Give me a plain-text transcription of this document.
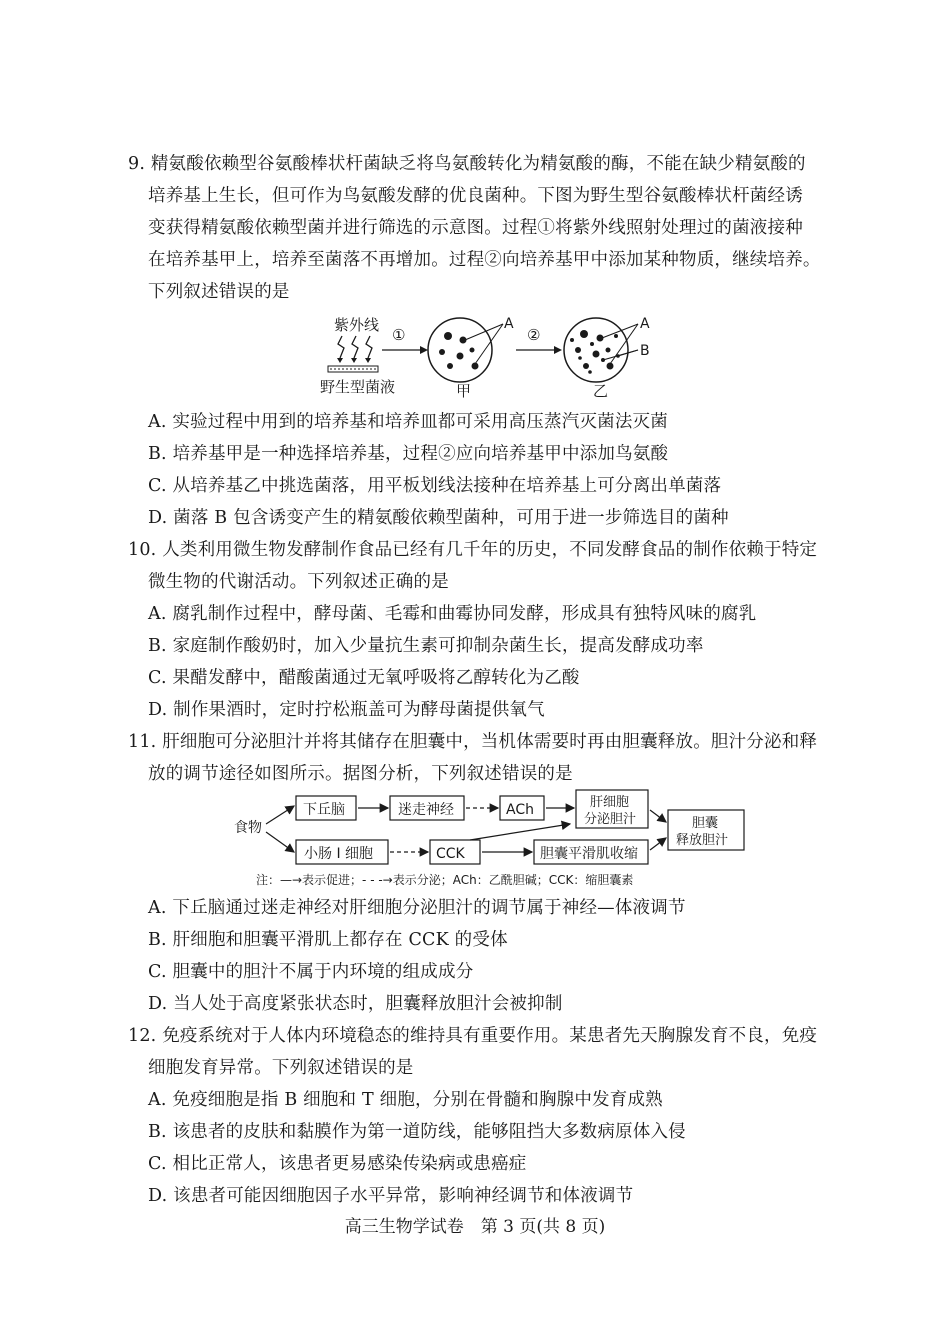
9. 精氨酸依赖型谷氨酸棒状杆菌缺乏将鸟氨酸转化为精氨酸的酶，不能在缺少精氨酸的
培养基上生长，但可作为鸟氨酸发酵的优良菌种。下图为野生型谷氨酸棒状杆菌经诱
变获得精氨酸依赖型菌并进行筛选的示意图。过程①将紫外线照射处理过的菌液接种
在培养基甲上，培养至菌落不再增加。过程②向培养基甲中添加某种物质，继续培养。
下列叙述错误的是
紫外线
野生型菌液
①
A
甲
②
A
B
乙
A. 实验过程中用到的培养基和培养皿都可采用高压蒸汽灭菌法灭菌
B. 培养基甲是一种选择培养基，过程②应向培养基甲中添加鸟氨酸
C. 从培养基乙中挑选菌落，用平板划线法接种在培养基上可分离出单菌落
D. 菌落 B 包含诱变产生的精氨酸依赖型菌种，可用于进一步筛选目的菌种
10. 人类利用微生物发酵制作食品已经有几千年的历史，不同发酵食品的制作依赖于特定
微生物的代谢活动。下列叙述正确的是
A. 腐乳制作过程中，酵母菌、毛霉和曲霉协同发酵，形成具有独特风味的腐乳
B. 家庭制作酸奶时，加入少量抗生素可抑制杂菌生长，提高发酵成功率
C. 果醋发酵中，醋酸菌通过无氧呼吸将乙醇转化为乙酸
D. 制作果酒时，定时拧松瓶盖可为酵母菌提供氧气
11. 肝细胞可分泌胆汁并将其储存在胆囊中，当机体需要时再由胆囊释放。胆汁分泌和释
放的调节途径如图所示。据图分析，下列叙述错误的是
食物
下丘脑	迷走神经	ACh	肝细胞
分泌胆汁
小肠 I 细胞	CCK	胆囊平滑肌收缩
胆囊
释放胆汁
注：—→表示促进；- - -→表示分泌；ACh：乙酰胆碱；CCK：缩胆囊素
A. 下丘脑通过迷走神经对肝细胞分泌胆汁的调节属于神经—体液调节
B. 肝细胞和胆囊平滑肌上都存在 CCK 的受体
C. 胆囊中的胆汁不属于内环境的组成成分
D. 当人处于高度紧张状态时，胆囊释放胆汁会被抑制
12. 免疫系统对于人体内环境稳态的维持具有重要作用。某患者先天胸腺发育不良，免疫
细胞发育异常。下列叙述错误的是
A. 免疫细胞是指 B 细胞和 T 细胞，分别在骨髓和胸腺中发育成熟
B. 该患者的皮肤和黏膜作为第一道防线，能够阻挡大多数病原体入侵
C. 相比正常人，该患者更易感染传染病或患癌症
D. 该患者可能因细胞因子水平异常，影响神经调节和体液调节
高三生物学试卷　第 3 页(共 8 页)
